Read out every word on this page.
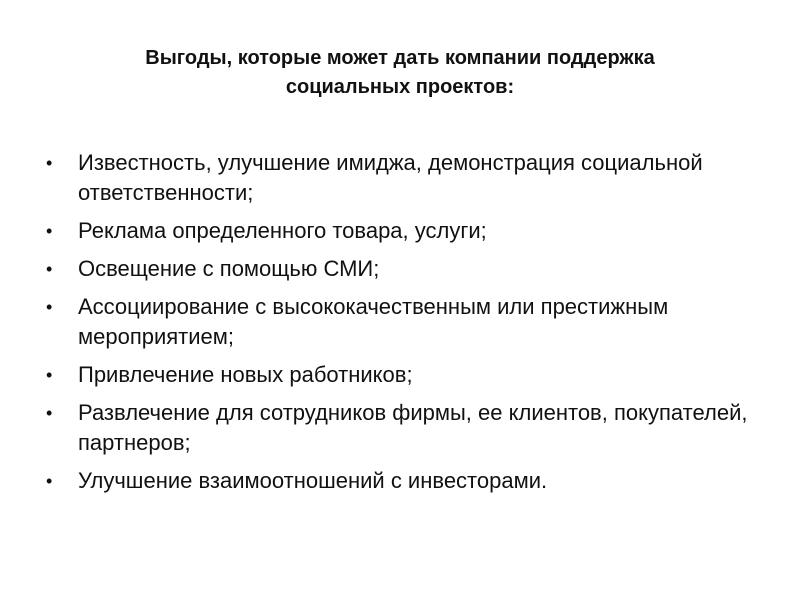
Выгоды, которые может дать компании поддержка
социальных проектов:
• Известность, улучшение имиджа, демонстрация социальной ответственности;
• Реклама определенного товара, услуги;
• Освещение с помощью СМИ;
• Ассоциирование с высококачественным или престижным мероприятием;
• Привлечение новых работников;
• Развлечение для сотрудников фирмы, ее клиентов, покупателей, партнеров;
• Улучшение взаимоотношений с инвесторами.
